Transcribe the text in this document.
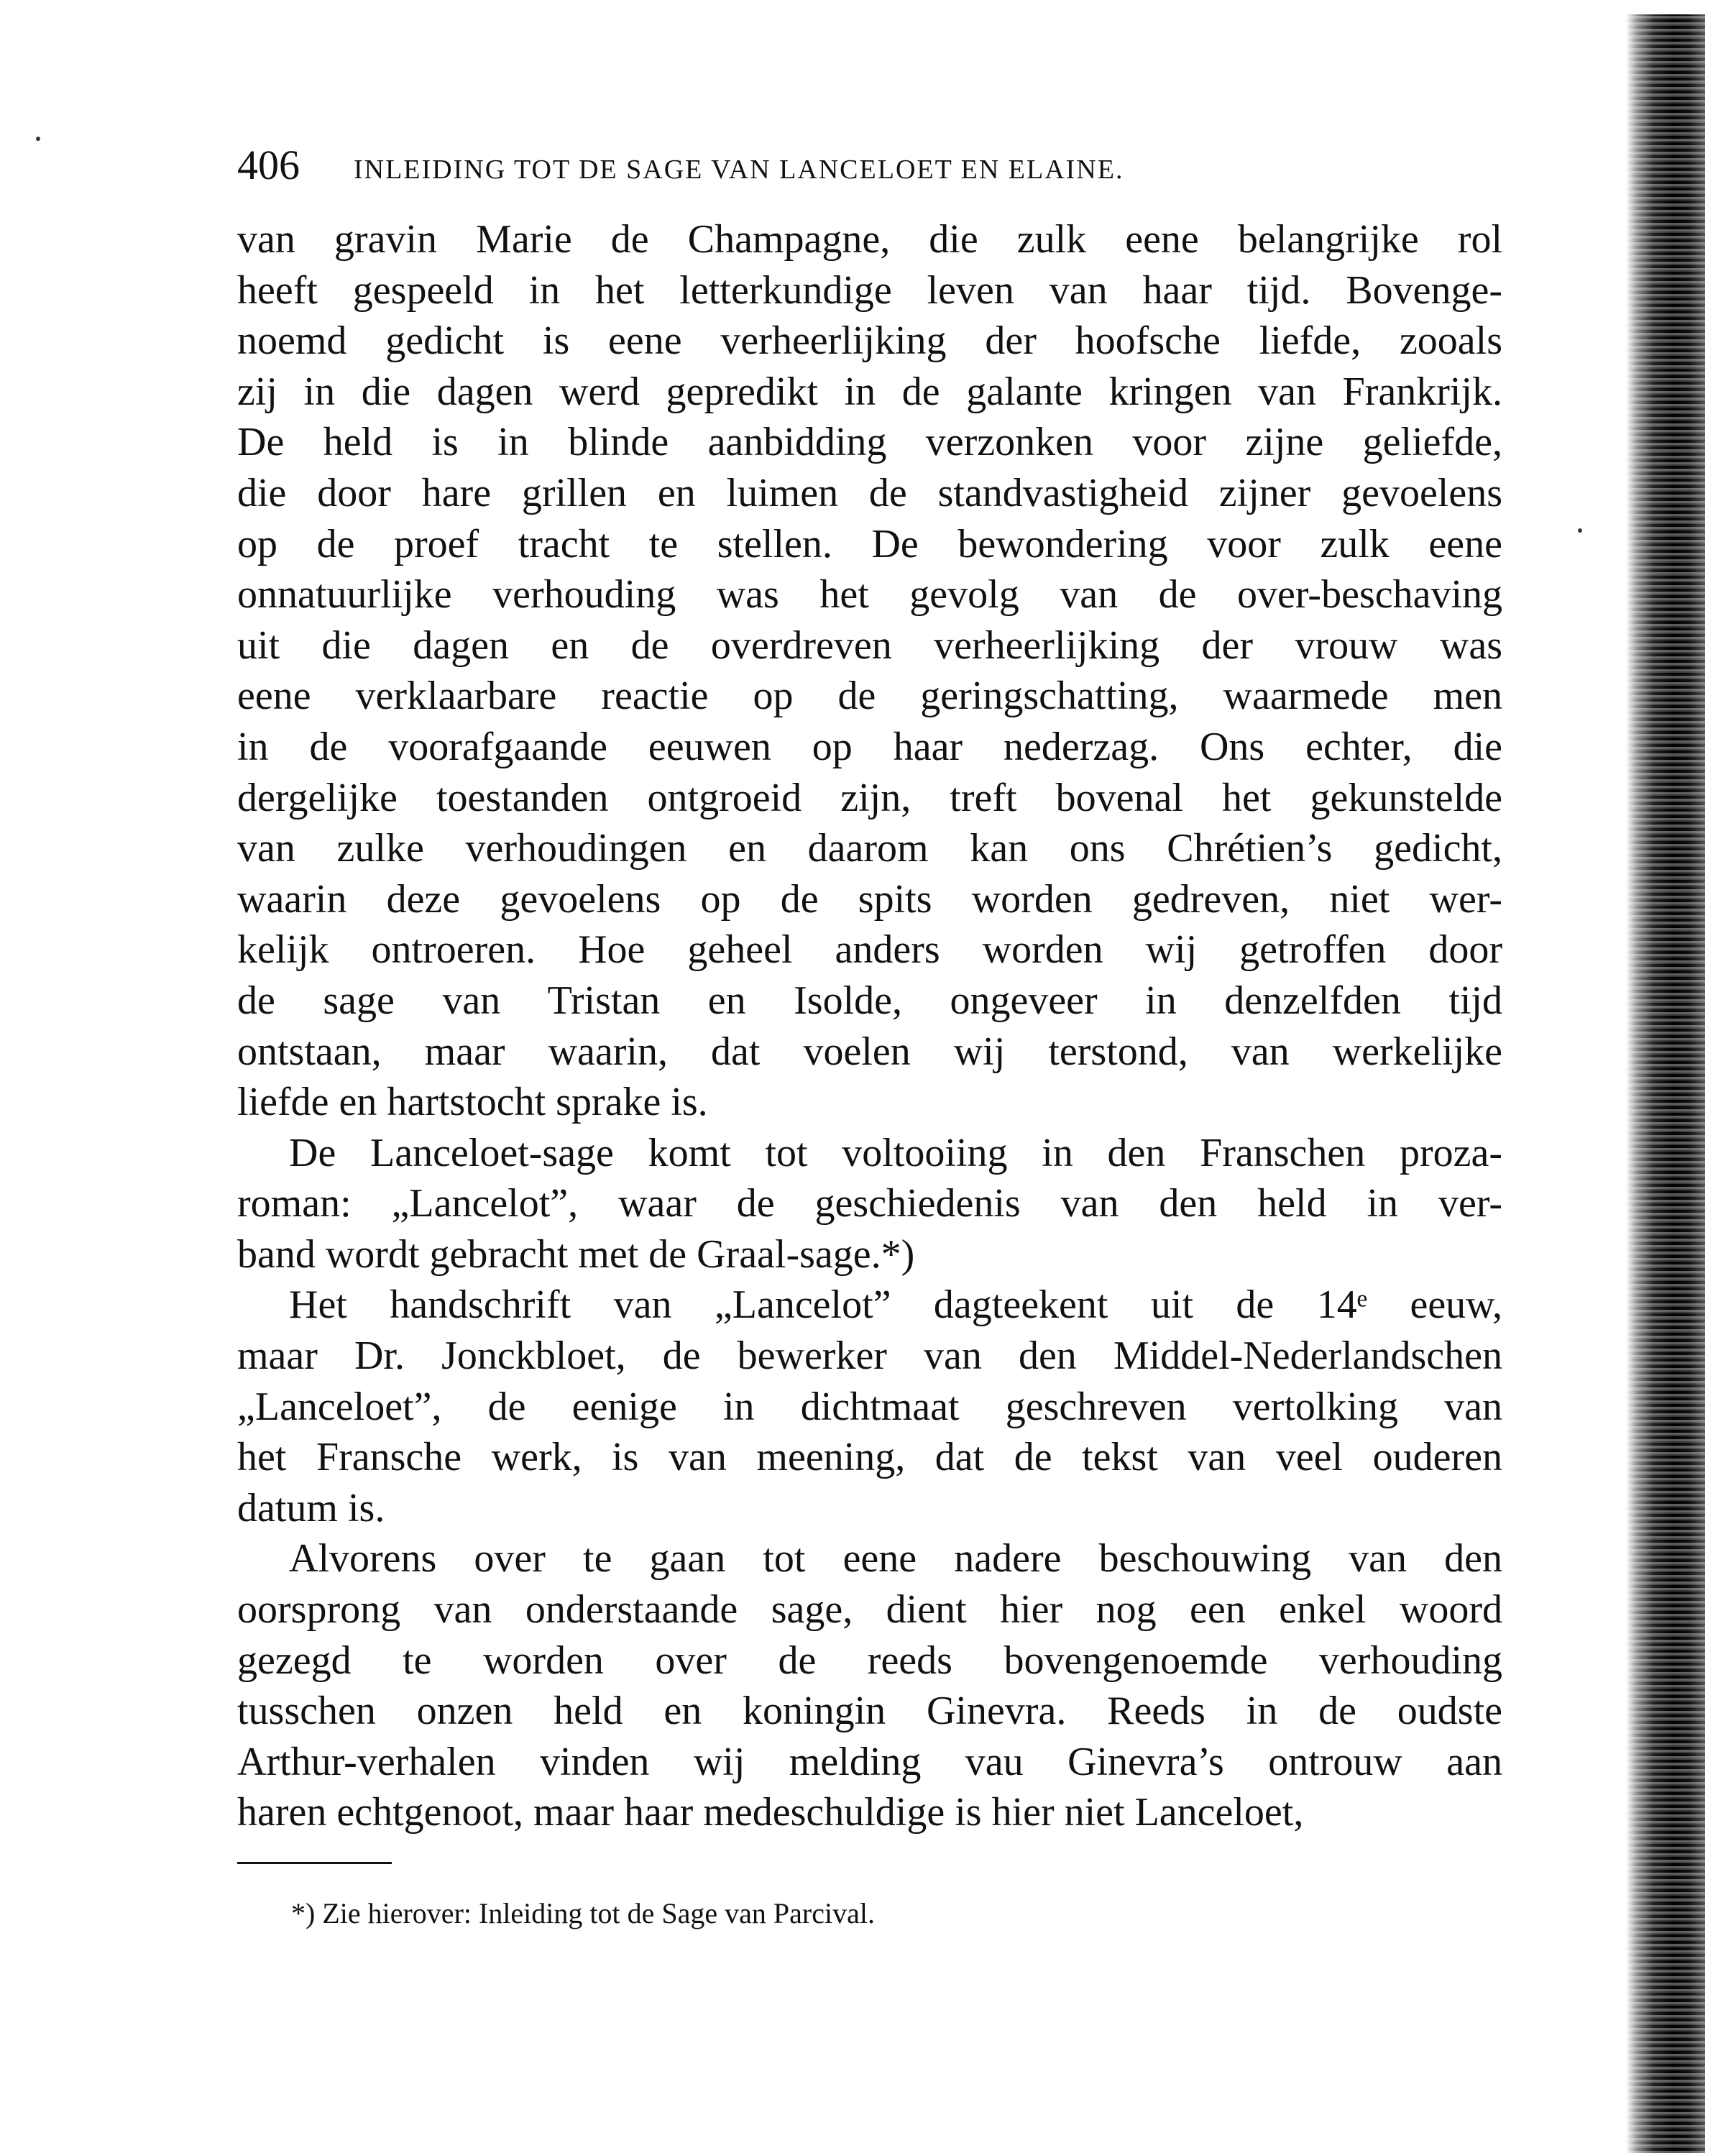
406 INLEIDING TOT DE SAGE VAN LANCELOET EN ELAINE.
van gravin Marie de Champagne, die zulk eene belangrijke rol
heeft gespeeld in het letterkundige leven van haar tijd. Bovenge-
noemd gedicht is eene verheerlijking der hoofsche liefde, zooals
zij in die dagen werd gepredikt in de galante kringen van Frankrijk.
De held is in blinde aanbidding verzonken voor zijne geliefde,
die door hare grillen en luimen de standvastigheid zijner gevoelens
op de proef tracht te stellen. De bewondering voor zulk eene
onnatuurlijke verhouding was het gevolg van de over-beschaving
uit die dagen en de overdreven verheerlijking der vrouw was
eene verklaarbare reactie op de geringschatting, waarmede men
in de voorafgaande eeuwen op haar nederzag. Ons echter, die
dergelijke toestanden ontgroeid zijn, treft bovenal het gekunstelde
van zulke verhoudingen en daarom kan ons Chrétien’s gedicht,
waarin deze gevoelens op de spits worden gedreven, niet wer-
kelijk ontroeren. Hoe geheel anders worden wij getroffen door
de sage van Tristan en Isolde, ongeveer in denzelfden tijd
ontstaan, maar waarin, dat voelen wij terstond, van werkelijke
liefde en hartstocht sprake is.
De Lanceloet-sage komt tot voltooiing in den Franschen proza-
roman: „Lancelot”, waar de geschiedenis van den held in ver-
band wordt gebracht met de Graal-sage.*)
Het handschrift van „Lancelot” dagteekent uit de 14ᵉ eeuw,
maar Dr. Jonckbloet, de bewerker van den Middel-Nederlandschen
„Lanceloet”, de eenige in dichtmaat geschreven vertolking van
het Fransche werk, is van meening, dat de tekst van veel ouderen
datum is.
Alvorens over te gaan tot eene nadere beschouwing van den
oorsprong van onderstaande sage, dient hier nog een enkel woord
gezegd te worden over de reeds bovengenoemde verhouding
tusschen onzen held en koningin Ginevra. Reeds in de oudste
Arthur-verhalen vinden wij melding vau Ginevra’s ontrouw aan
haren echtgenoot, maar haar medeschuldige is hier niet Lanceloet,
*) Zie hierover: Inleiding tot de Sage van Parcival.
